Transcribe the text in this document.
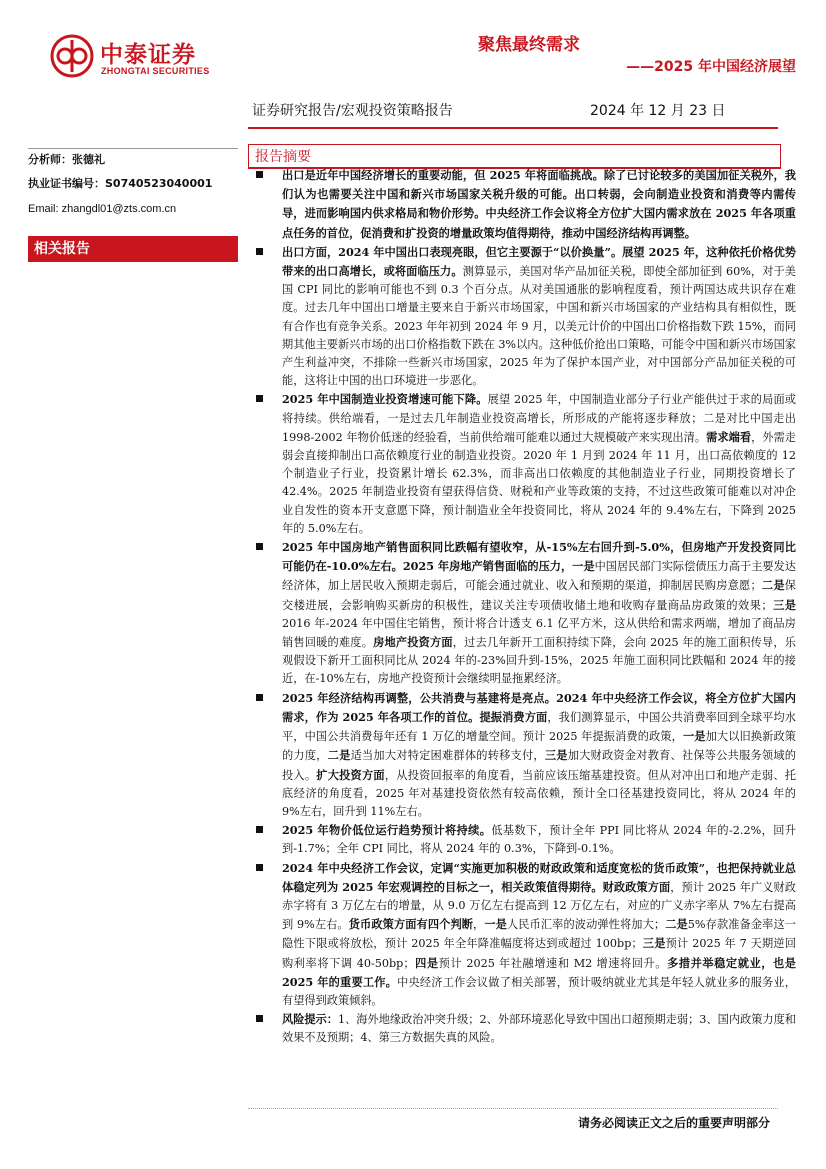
中泰证券
ZHONGTAI SECURITIES
聚焦最终需求
——2025 年中国经济展望
证券研究报告/宏观投资策略报告	2024 年 12 月 23 日
分析师：张德礼
执业证书编号：S0740523040001
Email: zhangdl01@zts.com.cn
相关报告
报告摘要
出口是近年中国经济增长的重要动能，但 2025 年将面临挑战。除了已讨论较多的美国加征关税外，我们认为也需要关注中国和新兴市场国家关税升级的可能。出口转弱，会向制造业投资和消费等内需传导，进而影响国内供求格局和物价形势。中央经济工作会议将全方位扩大国内需求放在 2025 年各项重点任务的首位，促消费和扩投资的增量政策均值得期待，推动中国经济结构再调整。
出口方面，2024 年中国出口表现亮眼，但它主要源于“以价换量”。展望 2025 年，这种依托价格优势带来的出口高增长，或将面临压力。测算显示，美国对华产品加征关税，即使全部加征到 60%，对于美国 CPI 同比的影响可能也不到 0.3 个百分点。从对美国通胀的影响程度看，预计两国达成共识存在难度。过去几年中国出口增量主要来自于新兴市场国家，中国和新兴市场国家的产业结构具有相似性，既有合作也有竞争关系。2023 年年初到 2024 年 9 月，以美元计价的中国出口价格指数下跌 15%，而同期其他主要新兴市场的出口价格指数下跌在 3%以内。这种低价抢出口策略，可能令中国和新兴市场国家产生利益冲突，不排除一些新兴市场国家，2025 年为了保护本国产业，对中国部分产品加征关税的可能，这将让中国的出口环境进一步恶化。
2025 年中国制造业投资增速可能下降。展望 2025 年，中国制造业部分子行业产能供过于求的局面或将持续。供给端看，一是过去几年制造业投资高增长，所形成的产能将逐步释放；二是对比中国走出 1998-2002 年物价低迷的经验看，当前供给端可能难以通过大规模破产来实现出清。需求端看，外需走弱会直接抑制出口高依赖度行业的制造业投资。2020 年 1 月到 2024 年 11 月，出口高依赖度的 12 个制造业子行业，投资累计增长 62.3%，而非高出口依赖度的其他制造业子行业，同期投资增长了 42.4%。2025 年制造业投资有望获得信贷、财税和产业等政策的支持，不过这些政策可能难以对冲企业自发性的资本开支意愿下降，预计制造业全年投资同比，将从 2024 年的 9.4%左右，下降到 2025 年的 5.0%左右。
2025 年中国房地产销售面积同比跌幅有望收窄，从-15%左右回升到-5.0%，但房地产开发投资同比可能仍在-10.0%左右。2025 年房地产销售面临的压力，一是中国居民部门实际偿债压力高于主要发达经济体，加上居民收入预期走弱后，可能会通过就业、收入和预期的渠道，抑制居民购房意愿；二是保交楼进展，会影响购买新房的积极性，建议关注专项债收储土地和收购存量商品房政策的效果；三是 2016 年-2024 年中国住宅销售，预计将合计透支 6.1 亿平方米，这从供给和需求两端，增加了商品房销售回暖的难度。房地产投资方面，过去几年新开工面积持续下降，会向 2025 年的施工面积传导，乐观假设下新开工面积同比从 2024 年的-23%回升到-15%，2025 年施工面积同比跌幅和 2024 年的接近，在-10%左右，房地产投资预计会继续明显拖累经济。
2025 年经济结构再调整，公共消费与基建将是亮点。2024 年中央经济工作会议，将全方位扩大国内需求，作为 2025 年各项工作的首位。提振消费方面，我们测算显示，中国公共消费率回到全球平均水平，中国公共消费每年还有 1 万亿的增量空间。预计 2025 年提振消费的政策，一是加大以旧换新政策的力度，二是适当加大对特定困难群体的转移支付，三是加大财政资金对教育、社保等公共服务领域的投入。扩大投资方面，从投资回报率的角度看，当前应该压缩基建投资。但从对冲出口和地产走弱、托底经济的角度看，2025 年对基建投资依然有较高依赖，预计全口径基建投资同比，将从 2024 年的 9%左右，回升到 11%左右。
2025 年物价低位运行趋势预计将持续。低基数下，预计全年 PPI 同比将从 2024 年的-2.2%，回升到-1.7%；全年 CPI 同比，将从 2024 年的 0.3%，下降到-0.1%。
2024 年中央经济工作会议，定调“实施更加积极的财政政策和适度宽松的货币政策”，也把保持就业总体稳定列为 2025 年宏观调控的目标之一，相关政策值得期待。财政政策方面，预计 2025 年广义财政赤字将有 3 万亿左右的增量，从 9.0 万亿左右提高到 12 万亿左右，对应的广义赤字率从 7%左右提高到 9%左右。货币政策方面有四个判断，一是人民币汇率的波动弹性将加大；二是5%存款准备金率这一隐性下限或将放松，预计 2025 年全年降准幅度将达到或超过 100bp；三是预计 2025 年 7 天期逆回购利率将下调 40-50bp；四是预计 2025 年社融增速和 M2 增速将回升。多措并举稳定就业，也是 2025 年的重要工作。中央经济工作会议做了相关部署，预计吸纳就业尤其是年轻人就业多的服务业，有望得到政策倾斜。
风险提示：1、海外地缘政治冲突升级；2、外部环境恶化导致中国出口超预期走弱；3、国内政策力度和效果不及预期；4、第三方数据失真的风险。
请务必阅读正文之后的重要声明部分
